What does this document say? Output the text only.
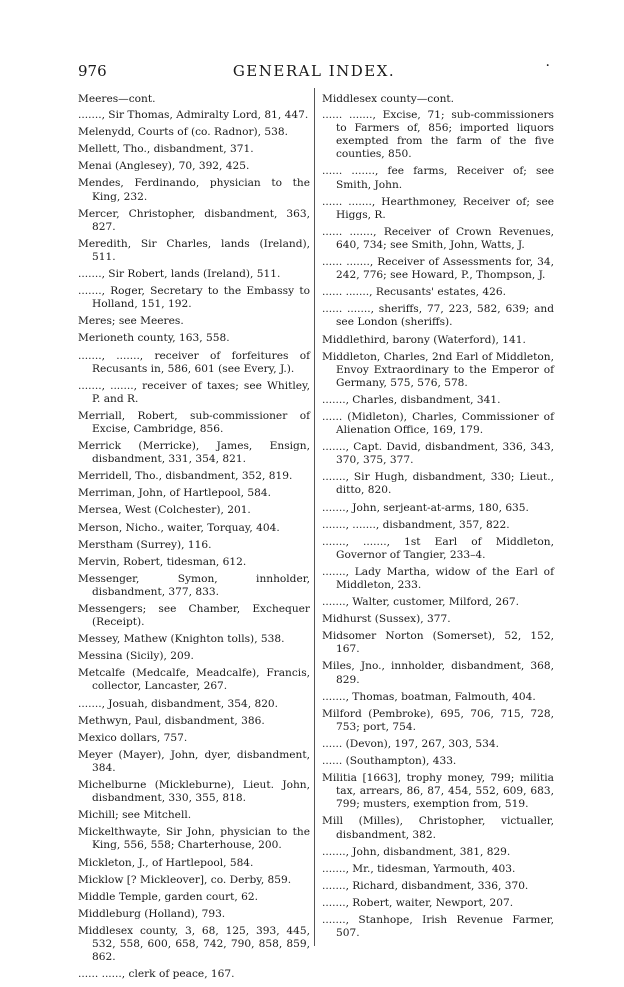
976	GENERAL INDEX.	·
Meeres—cont.
......., Sir Thomas, Admiralty Lord, 81, 447.
Melenydd, Courts of (co. Radnor), 538.
Mellett, Tho., disbandment, 371.
Menai (Anglesey), 70, 392, 425.
Mendes, Ferdinando, physician to the King, 232.
Mercer, Christopher, disbandment, 363, 827.
Meredith, Sir Charles, lands (Ireland), 511.
......., Sir Robert, lands (Ireland), 511.
......., Roger, Secretary to the Embassy to Holland, 151, 192.
Meres; see Meeres.
Merioneth county, 163, 558.
......., ......., receiver of forfeitures of Recusants in, 586, 601 (see Every, J.).
......., ......., receiver of taxes; see Whitley, P. and R.
Merriall, Robert, sub-commissioner of Excise, Cambridge, 856.
Merrick (Merricke), James, Ensign, disbandment, 331, 354, 821.
Merridell, Tho., disbandment, 352, 819.
Merriman, John, of Hartlepool, 584.
Mersea, West (Colchester), 201.
Merson, Nicho., waiter, Torquay, 404.
Merstham (Surrey), 116.
Mervin, Robert, tidesman, 612.
Messenger, Symon, innholder, disbandment, 377, 833.
Messengers; see Chamber, Exchequer (Receipt).
Messey, Mathew (Knighton tolls), 538.
Messina (Sicily), 209.
Metcalfe (Medcalfe, Meadcalfe), Francis, collector, Lancaster, 267.
......., Josuah, disbandment, 354, 820.
Methwyn, Paul, disbandment, 386.
Mexico dollars, 757.
Meyer (Mayer), John, dyer, disbandment, 384.
Michelburne (Mickleburne), Lieut. John, disbandment, 330, 355, 818.
Michill; see Mitchell.
Mickelthwayte, Sir John, physician to the King, 556, 558; Charterhouse, 200.
Mickleton, J., of Hartlepool, 584.
Micklow [? Mickleover], co. Derby, 859.
Middle Temple, garden court, 62.
Middleburg (Holland), 793.
Middlesex county, 3, 68, 125, 393, 445, 532, 558, 600, 658, 742, 790, 858, 859, 862.
...... ......, clerk of peace, 167.
Middlesex county—cont.
...... ......., Excise, 71; sub-commissioners to Farmers of, 856; imported liquors exempted from the farm of the five counties, 850.
...... ......., fee farms, Receiver of; see Smith, John.
...... ......., Hearthmoney, Receiver of; see Higgs, R.
...... ......., Receiver of Crown Revenues, 640, 734; see Smith, John, Watts, J.
...... ......., Receiver of Assessments for, 34, 242, 776; see Howard, P., Thompson, J.
...... ......., Recusants' estates, 426.
...... ......., sheriffs, 77, 223, 582, 639; and see London (sheriffs).
Middlethird, barony (Waterford), 141.
Middleton, Charles, 2nd Earl of Middleton, Envoy Extraordinary to the Emperor of Germany, 575, 576, 578.
......., Charles, disbandment, 341.
...... (Midleton), Charles, Commissioner of Alienation Office, 169, 179.
......., Capt. David, disbandment, 336, 343, 370, 375, 377.
......., Sir Hugh, disbandment, 330; Lieut., ditto, 820.
......., John, serjeant-at-arms, 180, 635.
......., ......., disbandment, 357, 822.
......., ......., 1st Earl of Middleton, Governor of Tangier, 233–4.
......., Lady Martha, widow of the Earl of Middleton, 233.
......., Walter, customer, Milford, 267.
Midhurst (Sussex), 377.
Midsomer Norton (Somerset), 52, 152, 167.
Miles, Jno., innholder, disbandment, 368, 829.
......., Thomas, boatman, Falmouth, 404.
Milford (Pembroke), 695, 706, 715, 728, 753; port, 754.
...... (Devon), 197, 267, 303, 534.
...... (Southampton), 433.
Militia [1663], trophy money, 799; militia tax, arrears, 86, 87, 454, 552, 609, 683, 799; musters, exemption from, 519.
Mill (Milles), Christopher, victualler, disbandment, 382.
......., John, disbandment, 381, 829.
......., Mr., tidesman, Yarmouth, 403.
......., Richard, disbandment, 336, 370.
......., Robert, waiter, Newport, 207.
......., Stanhope, Irish Revenue Farmer, 507.
